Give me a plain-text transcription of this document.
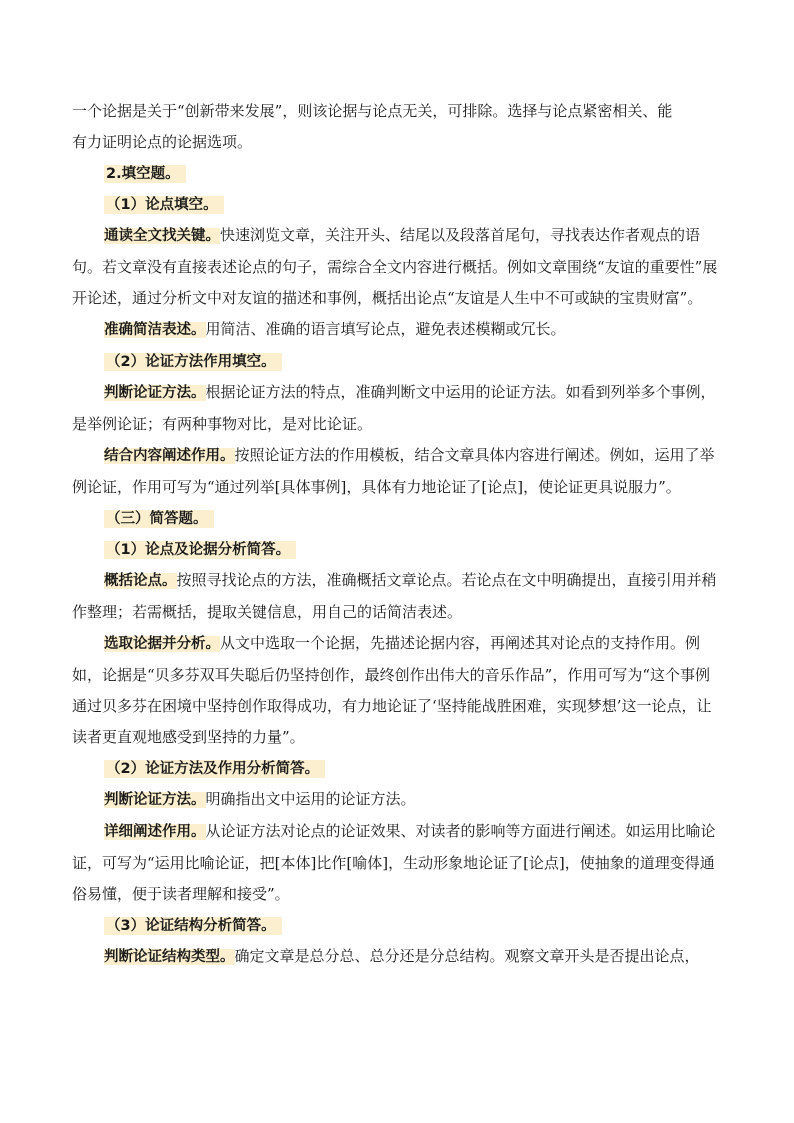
一个论据是关于“创新带来发展”，则该论据与论点无关，可排除。选择与论点紧密相关、能
有力证明论点的论据选项。
2.填空题。
（1）论点填空。

通读全文找关键。快速浏览文章，关注开头、结尾以及段落首尾句，寻找表达作者观点的语句。若文章没有直接表述论点的句子，需综合全文内容进行概括。例如文章围绕“友谊的重要性”展开论述，通过分析文中对友谊的描述和事例，概括出论点“友谊是人生中不可或缺的宝贵财富”。

准确简洁表述。用简洁、准确的语言填写论点，避免表述模糊或冗长。

（2）论证方法作用填空。

判断论证方法。根据论证方法的特点，准确判断文中运用的论证方法。如看到列举多个事例，是举例论证；有两种事物对比，是对比论证。

结合内容阐述作用。按照论证方法的作用模板，结合文章具体内容进行阐述。例如，运用了举例论证，作用可写为“通过列举[具体事例]，具体有力地论证了[论点]，使论证更具说服力”。

（三）简答题。
（1）论点及论据分析简答。

概括论点。按照寻找论点的方法，准确概括文章论点。若论点在文中明确提出，直接引用并稍作整理；若需概括，提取关键信息，用自己的话简洁表述。

选取论据并分析。从文中选取一个论据，先描述论据内容，再阐述其对论点的支持作用。例如，论据是“贝多芬双耳失聪后仍坚持创作，最终创作出伟大的音乐作品”，作用可写为“这个事例通过贝多芬在困境中坚持创作取得成功，有力地论证了‘坚持能战胜困难，实现梦想’这一论点，让读者更直观地感受到坚持的力量”。

（2）论证方法及作用分析简答。

判断论证方法。明确指出文中运用的论证方法。

详细阐述作用。从论证方法对论点的论证效果、对读者的影响等方面进行阐述。如运用比喻论证，可写为“运用比喻论证，把[本体]比作[喻体]，生动形象地论证了[论点]，使抽象的道理变得通俗易懂，便于读者理解和接受”。

（3）论证结构分析简答。

判断论证结构类型。确定文章是总分总、总分还是分总结构。观察文章开头是否提出论点，
